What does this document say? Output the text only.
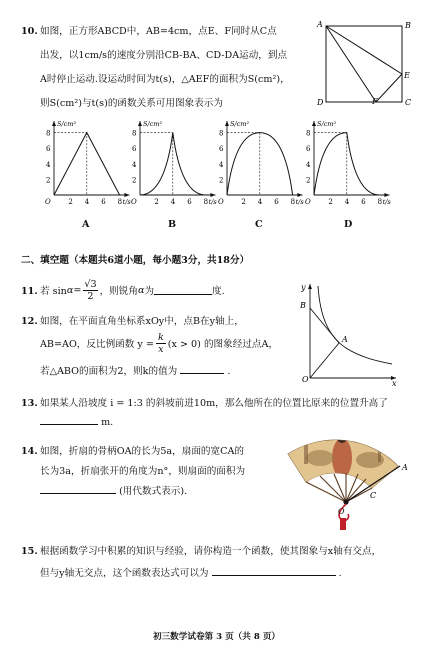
10. 如图，正方形ABCD中，AB=4cm，点E、F同时从C点
出发，以1cm/s的速度分别沿CB-BA、CD-DA运动，到点
A时停止运动.设运动时间为t(s)，△AEF的面积为S(cm²)，
则S(cm²)与t(s)的函数关系可用图象表示为
A	B
C
D
E
F
2
4
6
8
2 4 6 8
O
S/cm²
t/s
2
4
6
8
2 4 6 8
O
S/cm²
t/s
2
4
6
8
2 4 6 8
O
S/cm²
t/s
2
4
6
8
2 4 6 8
O
S/cm²
t/s
A	B	C	D
二、填空题（本题共6道小题，每小题3分，共18分）
11. 若 $\sin \alpha = \frac{√3}{2}$ ，则锐角 α 为	度.
12. 如图，在平面直角坐标系xOy中，点B在y轴上，
AB=AO，反比例函数 $y = \frac{k}{x} (x > 0)$ 的图象经过点A，
若△ABO的面积为2，则k的值为	.
y
x
O
A
B
13. 如果某人沿坡度 i = 1:3 的斜坡前进10m，那么他所在的位置比原来的位置升高了
m.
14. 如图，折扇的骨柄OA的长为5a，扇面的宽CA的
长为3a，折扇张开的角度为n°，则扇面的面积为
(用代数式表示).
A
C
O
15. 根据函数学习中积累的知识与经验，请你构造一个函数，使其图象与x轴有交点，
但与y轴无交点，这个函数表达式可以为	.
初三数学试卷第 3 页（共 8 页）
